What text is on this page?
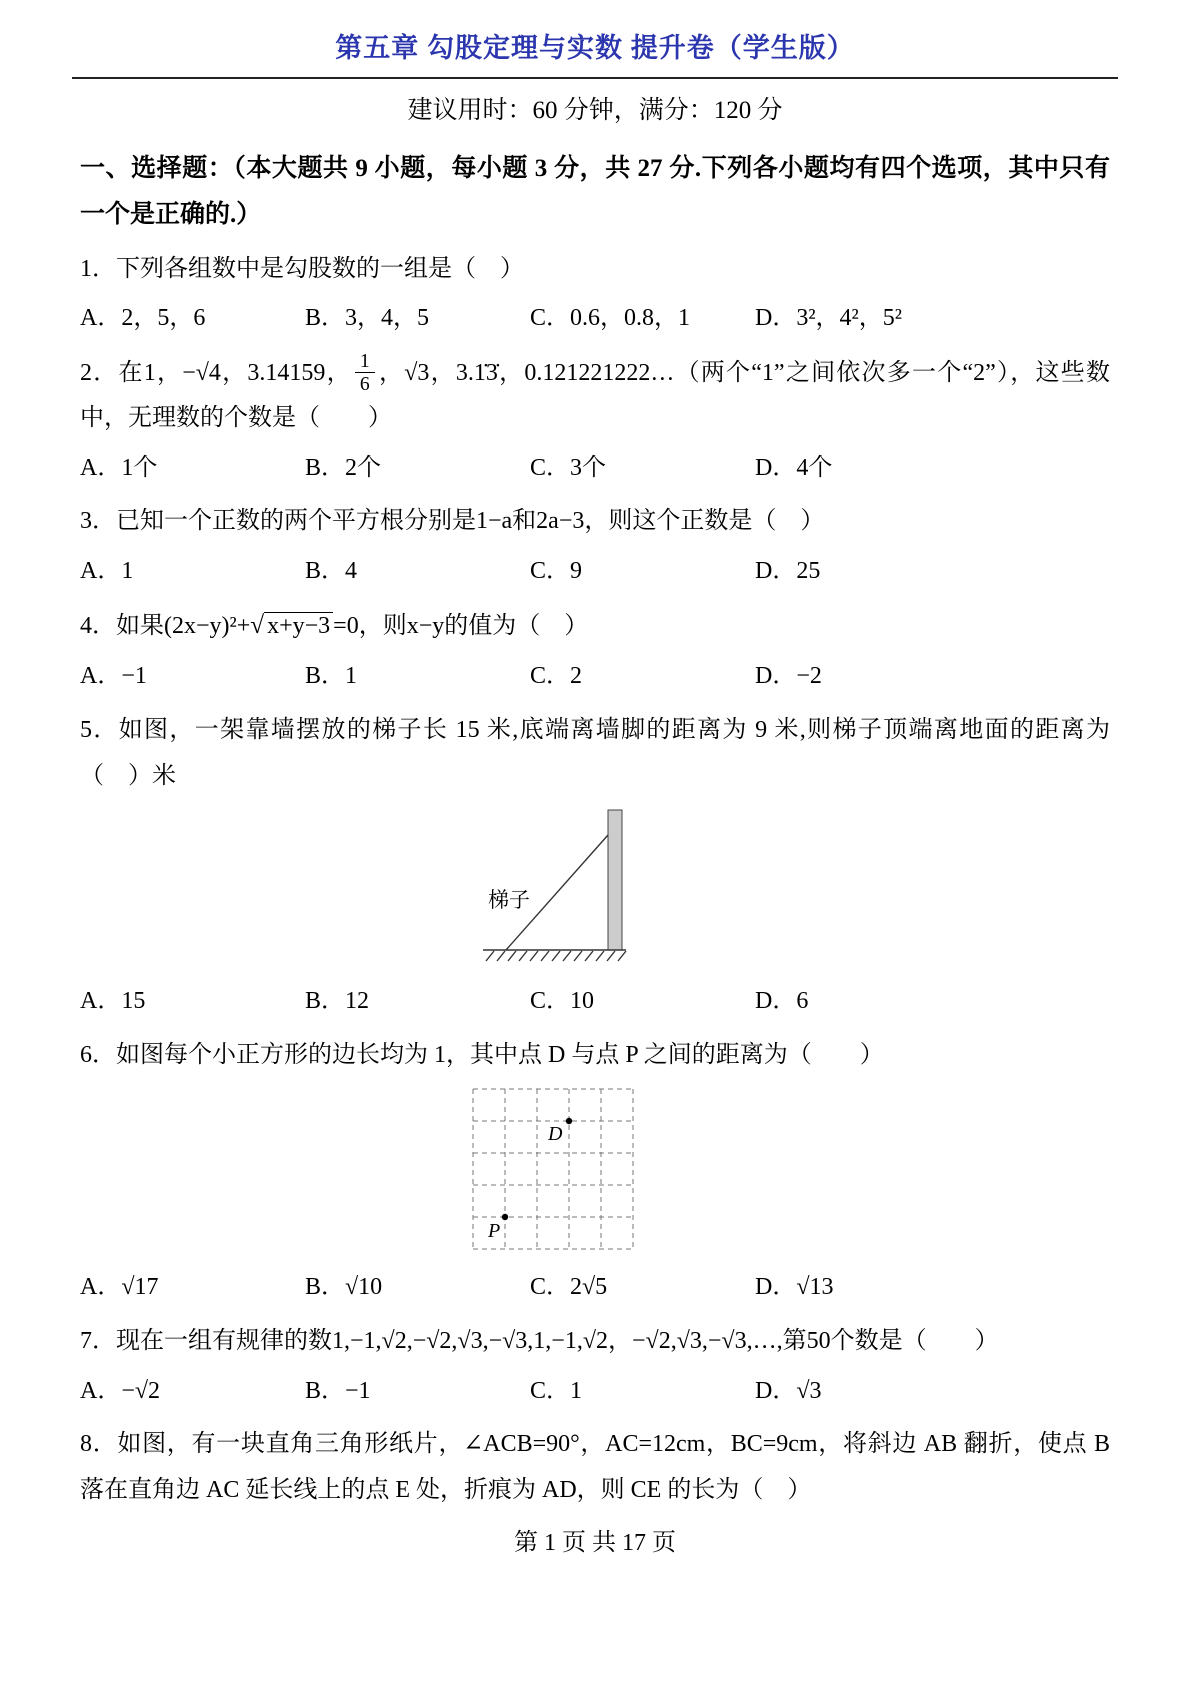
第五章 勾股定理与实数 提升卷（学生版）

建议用时：60 分钟，满分：120 分

一、选择题：（本大题共 9 小题，每小题 3 分，共 27 分.下列各小题均有四个选项，其中只有一个是正确的.）

1．下列各组数中是勾股数的一组是（　）

A．2，5，6	B．3，4，5	C．0.6，0.8，1	D．3²，4²，5²

2．在1，−√4，3.14159， $\frac{1}{6}$ ，√3，3.1̇3̇，0.121221222…（两个“1”之间依次多一个“2”），这些数中，无理数的个数是（　　）

A．1个	B．2个	C．3个	D．4个

3．已知一个正数的两个平方根分别是1−a和2a−3，则这个正数是（　）

A．1	B．4	C．9	D．25

4．如果(2x−y)²+√ x+y−3 =0，则x−y的值为（　）

A．−1	B．1	C．2	D．−2

5．如图，一架靠墙摆放的梯子长 15 米,底端离墙脚的距离为 9 米,则梯子顶端离地面的距离为（　）米

梯子
A．15	B．12	C．10	D．6

6．如图每个小正方形的边长均为 1，其中点 D 与点 P 之间的距离为（　　）

D
P
A．√17	B．√10	C．2√5	D．√13

7．现在一组有规律的数1,−1,√2,−√2,√3,−√3,1,−1,√2，−√2,√3,−√3,…,第50个数是（　　）

A．−√2	B．−1	C．1	D．√3

8．如图，有一块直角三角形纸片，∠ACB=90°，AC=12cm，BC=9cm，将斜边 AB 翻折，使点 B 落在直角边 AC 延长线上的点 E 处，折痕为 AD，则 CE 的长为（　）

第 1 页 共 17 页
